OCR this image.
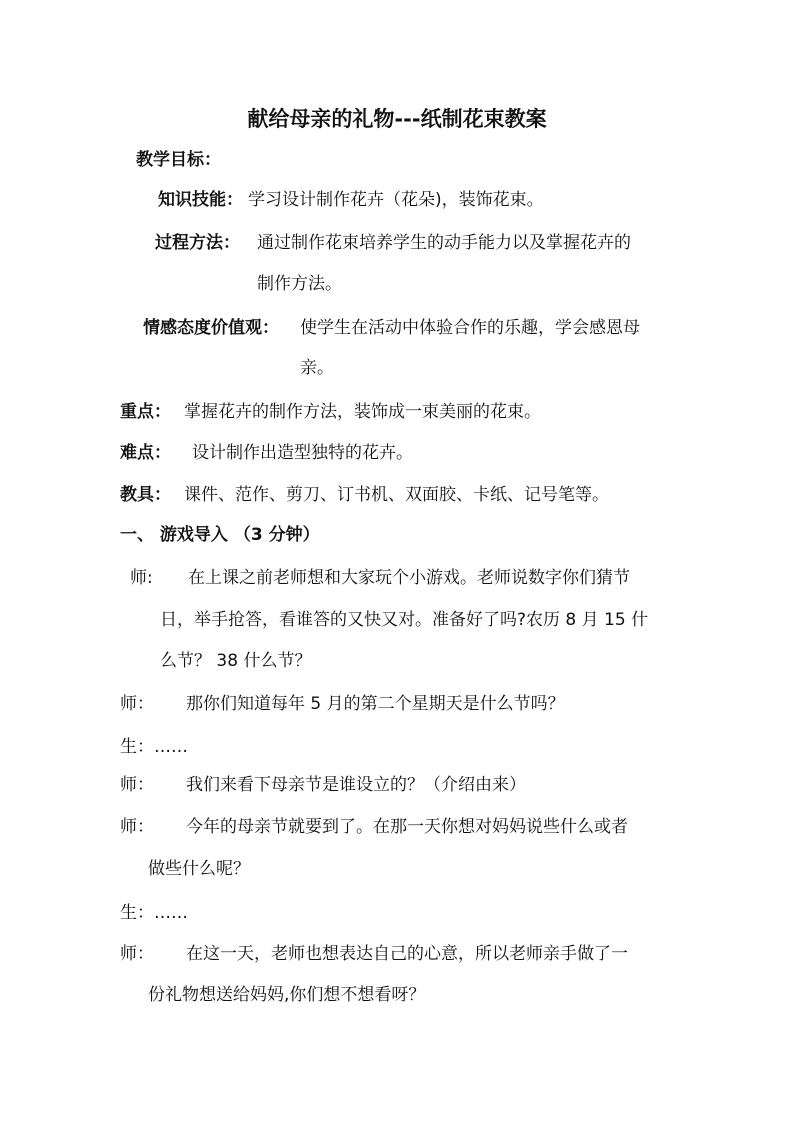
献给母亲的礼物---纸制花束教案
教学目标：
知识技能： 学习设计制作花卉（花朵)，装饰花束。
过程方法： 通过制作花束培养学生的动手能力以及掌握花卉的
制作方法。
情感态度价值观： 使学生在活动中体验合作的乐趣，学会感恩母
亲。
重点： 掌握花卉的制作方法，装饰成一束美丽的花束。
难点： 设计制作出造型独特的花卉。
教具： 课件、范作、剪刀、订书机、双面胶、卡纸、记号笔等。
一、 游戏导入 （3 分钟）
师: 在上课之前老师想和大家玩个小游戏。老师说数字你们猜节
日，举手抢答，看谁答的又快又对。准备好了吗?农历 8 月 15 什
么节？ 38 什么节？
师： 那你们知道每年 5 月的第二个星期天是什么节吗？
生：……
师： 我们来看下母亲节是谁设立的？（介绍由来）
师： 今年的母亲节就要到了。在那一天你想对妈妈说些什么或者
做些什么呢？
生：……
师： 在这一天，老师也想表达自己的心意，所以老师亲手做了一
份礼物想送给妈妈,你们想不想看呀？
